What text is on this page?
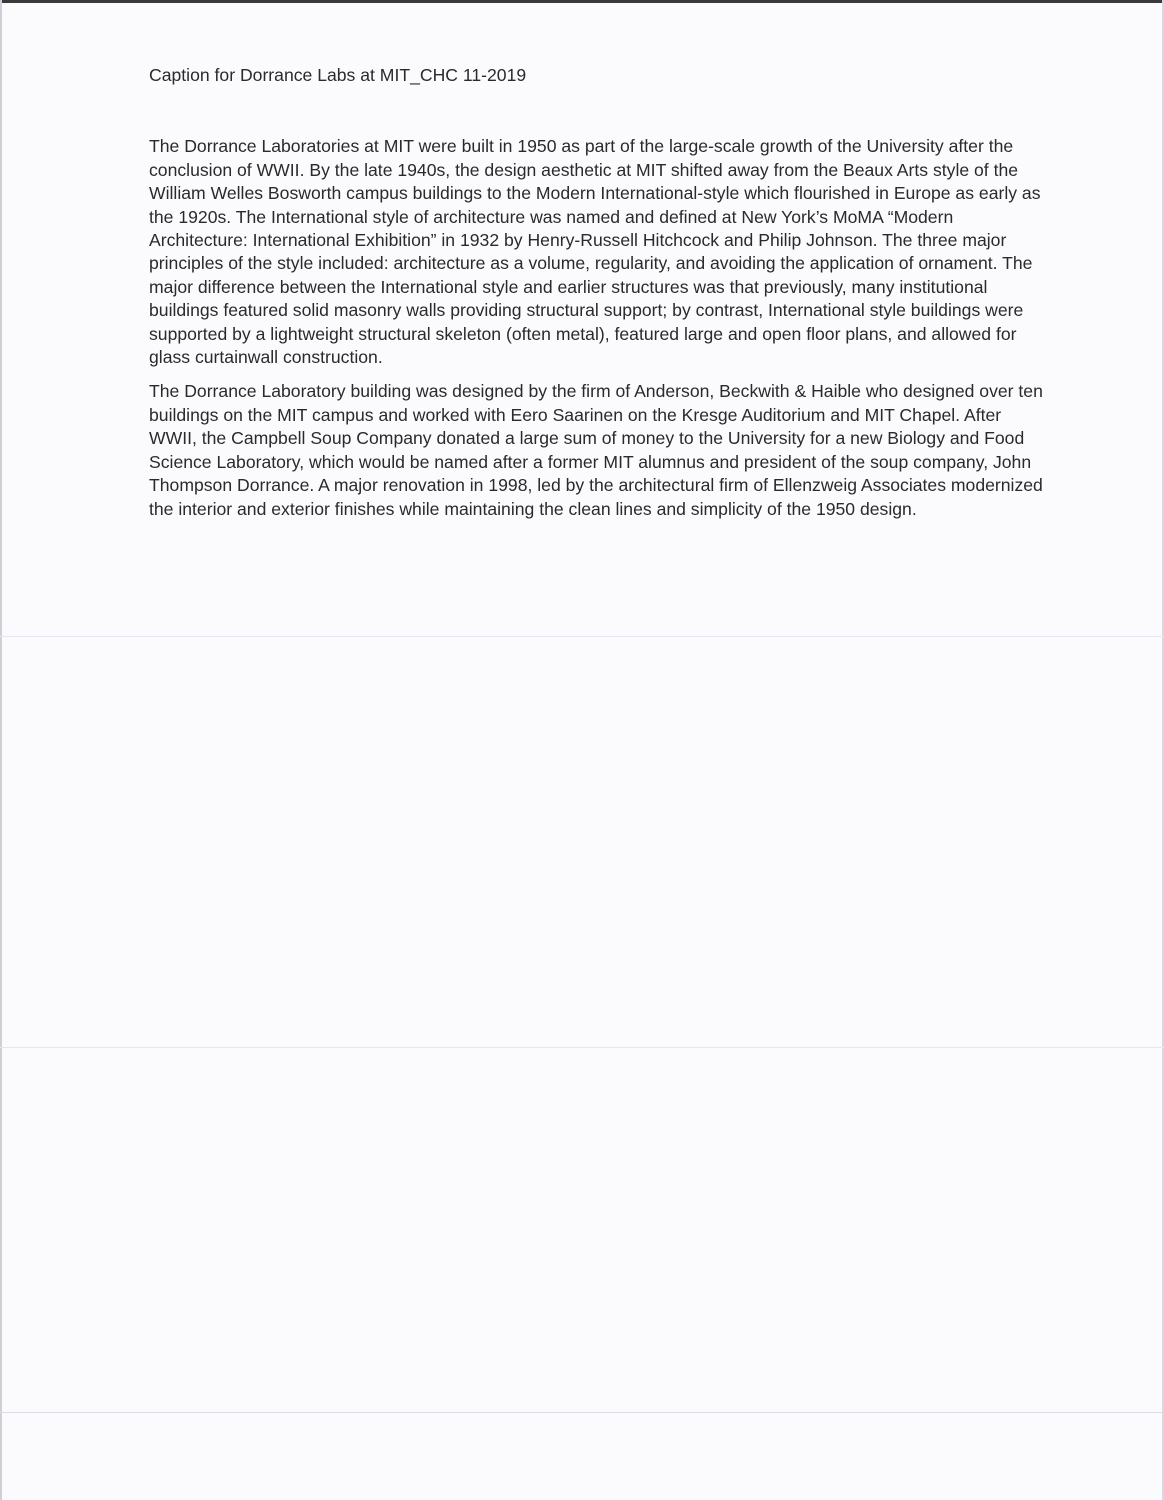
Caption for Dorrance Labs at MIT_CHC 11-2019

The Dorrance Laboratories at MIT were built in 1950 as part of the large-scale growth of the University after the conclusion of WWII. By the late 1940s, the design aesthetic at MIT shifted away from the Beaux Arts style of the William Welles Bosworth campus buildings to the Modern International-style which flourished in Europe as early as the 1920s. The International style of architecture was named and defined at New York’s MoMA “Modern Architecture: International Exhibition” in 1932 by Henry-Russell Hitchcock and Philip Johnson. The three major principles of the style included: architecture as a volume, regularity, and avoiding the application of ornament. The major difference between the International style and earlier structures was that previously, many institutional buildings featured solid masonry walls providing structural support; by contrast, International style buildings were supported by a lightweight structural skeleton (often metal), featured large and open floor plans, and allowed for glass curtainwall construction.

The Dorrance Laboratory building was designed by the firm of Anderson, Beckwith & Haible who designed over ten buildings on the MIT campus and worked with Eero Saarinen on the Kresge Auditorium and MIT Chapel. After WWII, the Campbell Soup Company donated a large sum of money to the University for a new Biology and Food Science Laboratory, which would be named after a former MIT alumnus and president of the soup company, John Thompson Dorrance. A major renovation in 1998, led by the architectural firm of Ellenzweig Associates modernized the interior and exterior finishes while maintaining the clean lines and simplicity of the 1950 design.
